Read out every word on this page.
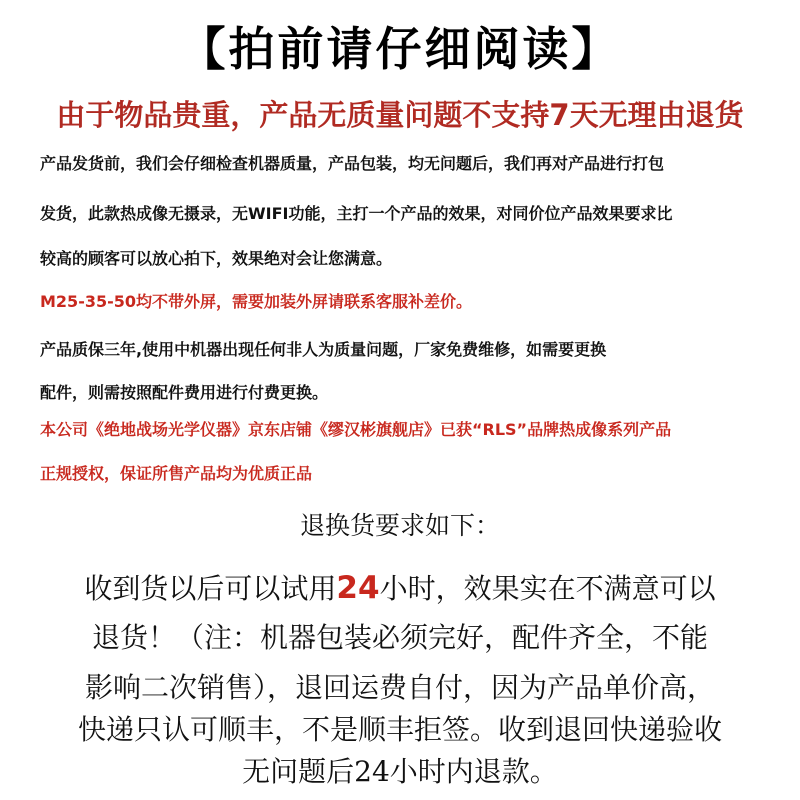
【拍前请仔细阅读】
由于物品贵重，产品无质量问题不支持7天无理由退货
产品发货前，我们会仔细检查机器质量，产品包装，均无问题后，我们再对产品进行打包
发货，此款热成像无摄录，无WIFI功能，主打一个产品的效果，对同价位产品效果要求比
较高的顾客可以放心拍下，效果绝对会让您满意。
M25-35-50均不带外屏，需要加装外屏请联系客服补差价。
产品质保三年,使用中机器出现任何非人为质量问题，厂家免费维修，如需要更换
配件，则需按照配件费用进行付费更换。
本公司《绝地战场光学仪器》京东店铺《缪汉彬旗舰店》已获“RLS”品牌热成像系列产品
正规授权，保证所售产品均为优质正品
退换货要求如下：
收到货以后可以试用24小时，效果实在不满意可以
退货！（注：机器包装必须完好，配件齐全，不能
影响二次销售），退回运费自付，因为产品单价高，
快递只认可顺丰，不是顺丰拒签。收到退回快递验收
无问题后24小时内退款。
